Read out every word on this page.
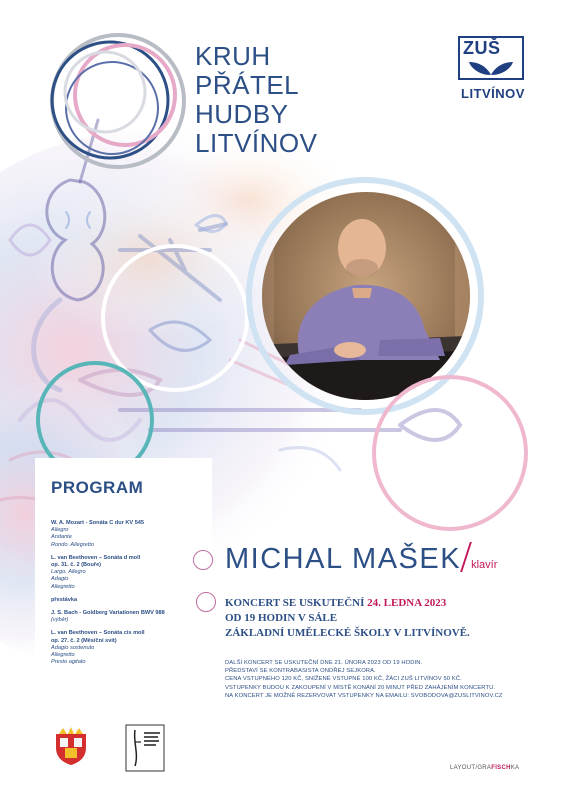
KRUH
PŘÁTEL
HUDBY
LITVÍNOV
ZUŠ
LITVÍNOV
PROGRAM
W. A. Mozart - Sonáta C dur KV 545
Allegro
Andante
Rondo. Allegretto
L. van Beethoven – Sonáta d moll
op. 31. č. 2 (Bouře)
Largo. Allegro
Adagio
Allegretto
přestávka
J. S. Bach - Goldberg Variationen BWV 988
(výběr)
L. van Beethoven – Sonáta cis moll
op. 27. č. 2 (Měsíční svit)
Adagio sostenuto
Allegretto
Presto agitato
MICHAL MAŠEK klavír
KONCERT SE USKUTEČNÍ 24. LEDNA 2023
OD 19 HODIN V SÁLE
ZÁKLADNÍ UMĚLECKÉ ŠKOLY V LITVÍNOVĚ.
DALŠÍ KONCERT SE USKUTEČNÍ DNE 21. ÚNORA 2023 OD 19 HODIN.
PŘEDSTAVÍ SE KONTRABASISTA ONDŘEJ SEJKORA.
CENA VSTUPNÉHO 120 KČ, SNÍŽENÉ VSTUPNÉ 100 KČ, ŽÁCI ZUŠ LITVÍNOV 50 KČ.
VSTUPENKY BUDOU K ZAKOUPENÍ V MÍSTĚ KONÁNÍ 20 MINUT PŘED ZAHÁJENÍM KONCERTU.
NA KONCERT JE MOŽNÉ REZERVOVAT VSTUPENKY NA EMAILU: SVOBODOVA@ZUSLITVINOV.CZ
LAYOUT/GRAFISCHKA
